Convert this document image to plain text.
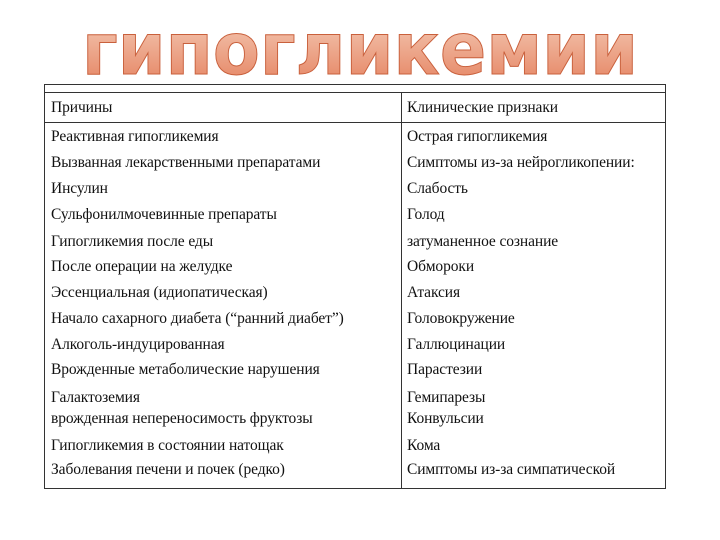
гипогликемии
Причины	Клинические признаки
Реактивная гипогликемия
Вызванная лекарственными препаратами
Инсулин
Сульфонилмочевинные препараты
Гипогликемия после еды
После операции на желудке
Эссенциальная (идиопатическая)
Начало сахарного диабета (“ранний диабет”)
Алкоголь-индуцированная
Врожденные метаболические нарушения
Галактоземия
врожденная непереносимость фруктозы
Гипогликемия в состоянии натощак
Заболевания печени и почек (редко)
Острая гипогликемия
Симптомы из-за нейрогликопении:
Слабость
Голод
затуманенное сознание
Обмороки
Атаксия
Головокружение
Галлюцинации
Парастезии
Гемипарезы
Конвульсии
Кома
Симптомы из-за симпатической
